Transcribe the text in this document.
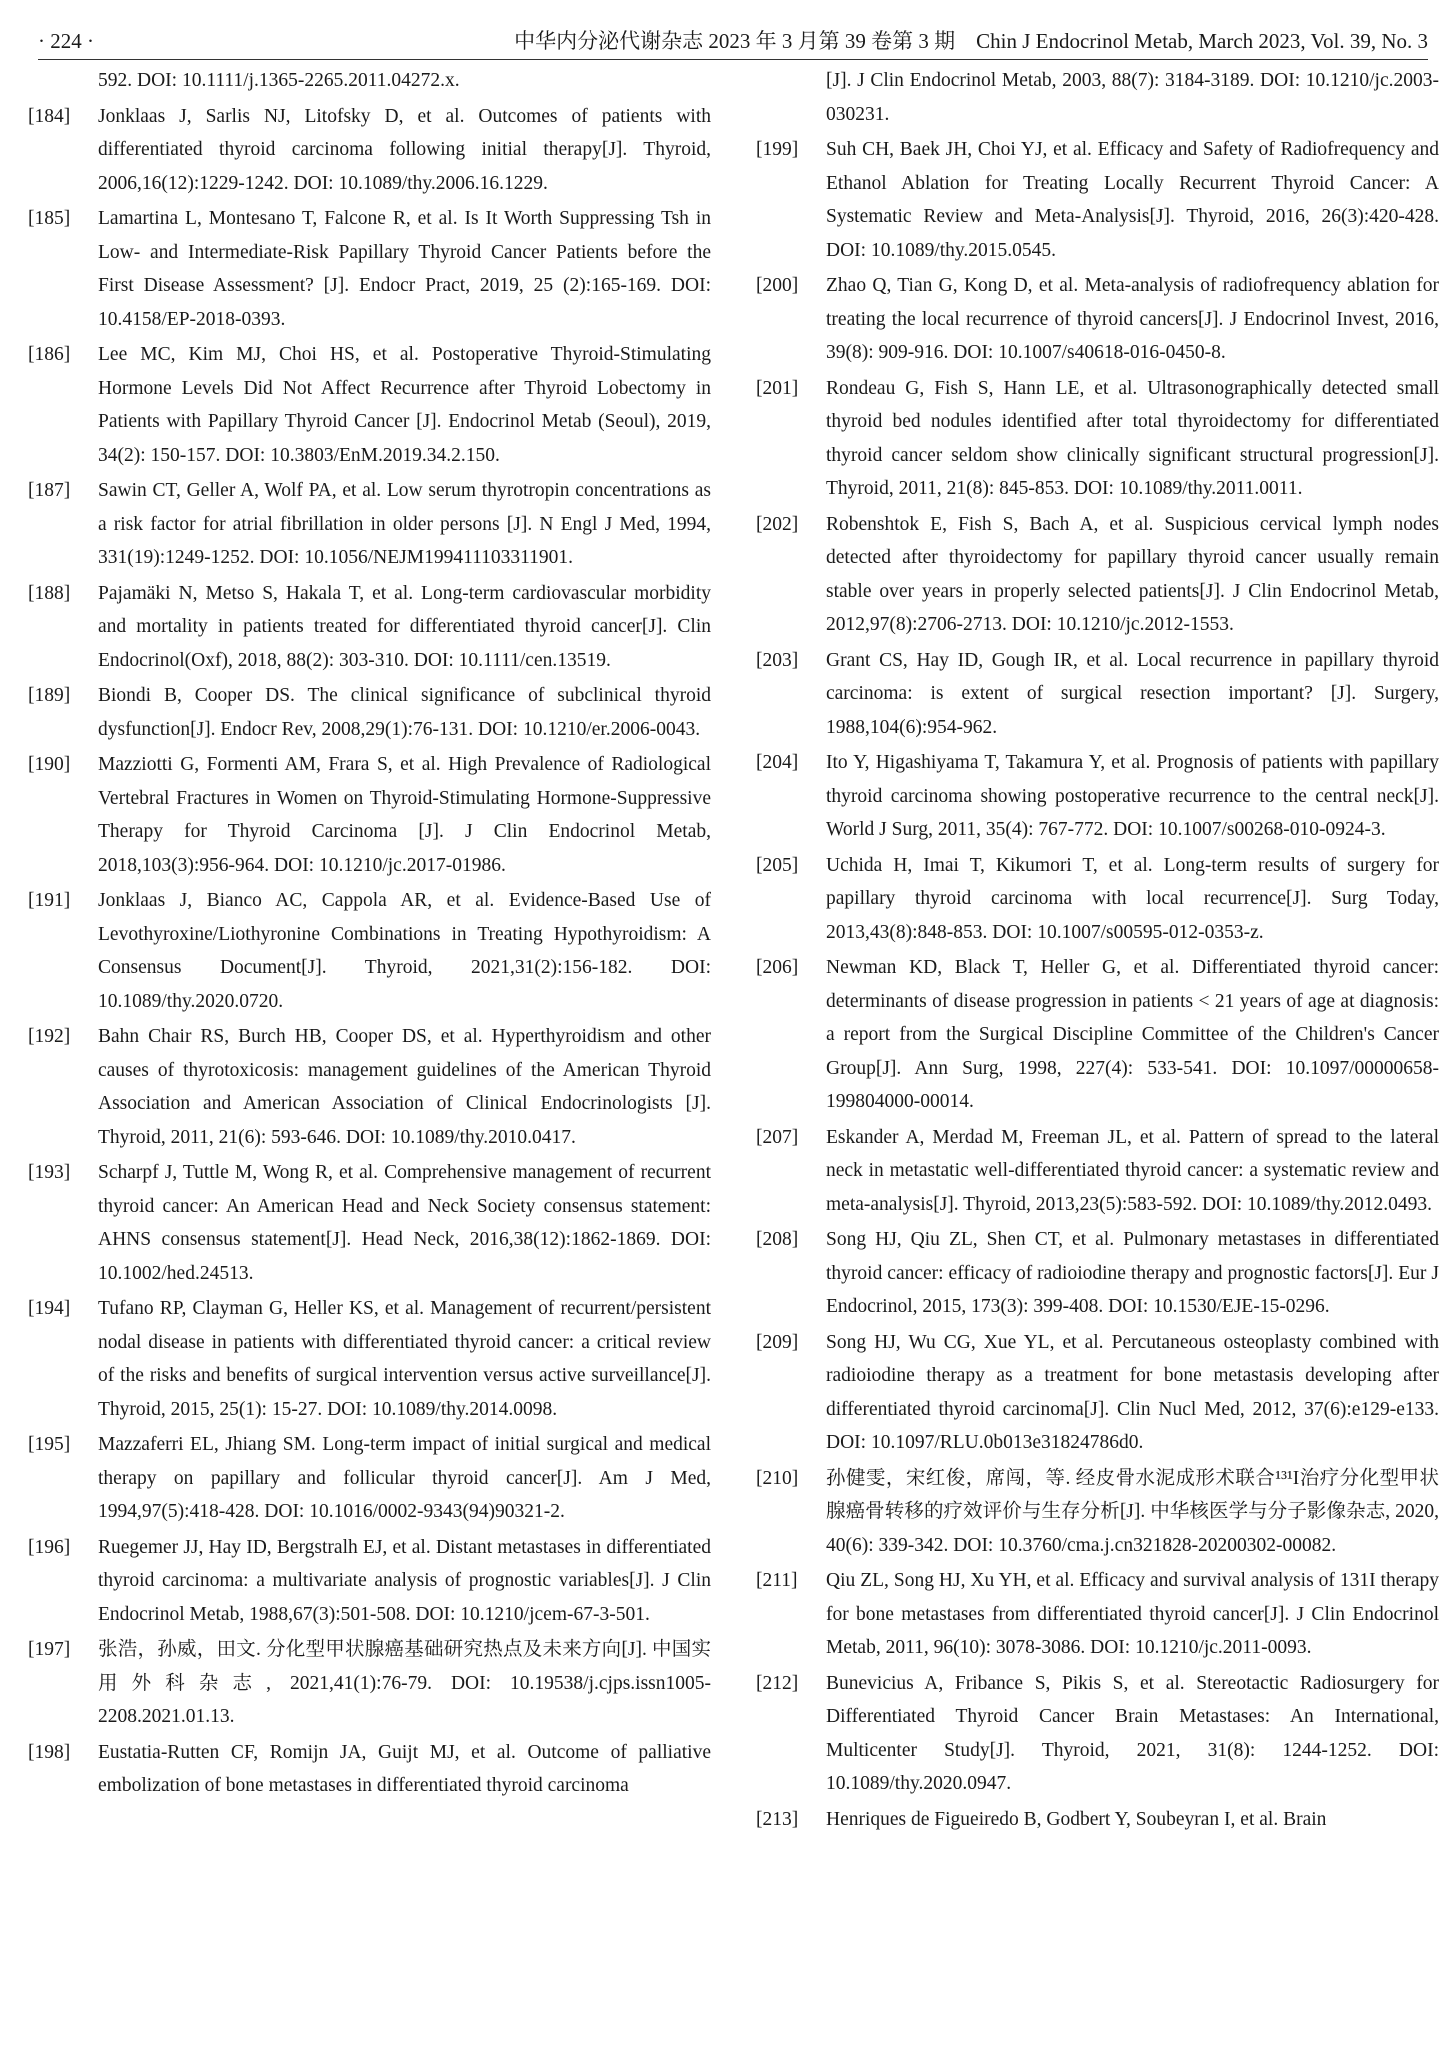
· 224 ·	中华内分泌代谢杂志 2023 年 3 月第 39 卷第 3 期　Chin J Endocrinol Metab, March 2023, Vol. 39, No. 3
592. DOI: 10.1111/j.1365-2265.2011.04272.x.
[184]	Jonklaas J, Sarlis NJ, Litofsky D, et al. Outcomes of patients with differentiated thyroid carcinoma following initial therapy[J]. Thyroid, 2006,16(12):1229-1242. DOI: 10.1089/thy.2006.16.1229.
[185]	Lamartina L, Montesano T, Falcone R, et al. Is It Worth Suppressing Tsh in Low- and Intermediate-Risk Papillary Thyroid Cancer Patients before the First Disease Assessment? [J]. Endocr Pract, 2019, 25 (2):165-169. DOI: 10.4158/EP-2018-0393.
[186]	Lee MC, Kim MJ, Choi HS, et al. Postoperative Thyroid-Stimulating Hormone Levels Did Not Affect Recurrence after Thyroid Lobectomy in Patients with Papillary Thyroid Cancer [J]. Endocrinol Metab (Seoul), 2019, 34(2): 150-157. DOI: 10.3803/EnM.2019.34.2.150.
[187]	Sawin CT, Geller A, Wolf PA, et al. Low serum thyrotropin concentrations as a risk factor for atrial fibrillation in older persons [J]. N Engl J Med, 1994, 331(19):1249-1252. DOI: 10.1056/NEJM199411103311901.
[188]	Pajamäki N, Metso S, Hakala T, et al. Long-term cardiovascular morbidity and mortality in patients treated for differentiated thyroid cancer[J]. Clin Endocrinol(Oxf), 2018, 88(2): 303-310. DOI: 10.1111/cen.13519.
[189]	Biondi B, Cooper DS. The clinical significance of subclinical thyroid dysfunction[J]. Endocr Rev, 2008,29(1):76-131. DOI: 10.1210/er.2006-0043.
[190]	Mazziotti G, Formenti AM, Frara S, et al. High Prevalence of Radiological Vertebral Fractures in Women on Thyroid-Stimulating Hormone-Suppressive Therapy for Thyroid Carcinoma [J]. J Clin Endocrinol Metab, 2018,103(3):956-964. DOI: 10.1210/jc.2017-01986.
[191]	Jonklaas J, Bianco AC, Cappola AR, et al. Evidence-Based Use of Levothyroxine/Liothyronine Combinations in Treating Hypothyroidism: A Consensus Document[J]. Thyroid, 2021,31(2):156-182. DOI: 10.1089/thy.2020.0720.
[192]	Bahn Chair RS, Burch HB, Cooper DS, et al. Hyperthyroidism and other causes of thyrotoxicosis: management guidelines of the American Thyroid Association and American Association of Clinical Endocrinologists [J]. Thyroid, 2011, 21(6): 593-646. DOI: 10.1089/thy.2010.0417.
[193]	Scharpf J, Tuttle M, Wong R, et al. Comprehensive management of recurrent thyroid cancer: An American Head and Neck Society consensus statement: AHNS consensus statement[J]. Head Neck, 2016,38(12):1862-1869. DOI: 10.1002/hed.24513.
[194]	Tufano RP, Clayman G, Heller KS, et al. Management of recurrent/persistent nodal disease in patients with differentiated thyroid cancer: a critical review of the risks and benefits of surgical intervention versus active surveillance[J]. Thyroid, 2015, 25(1): 15-27. DOI: 10.1089/thy.2014.0098.
[195]	Mazzaferri EL, Jhiang SM. Long-term impact of initial surgical and medical therapy on papillary and follicular thyroid cancer[J]. Am J Med, 1994,97(5):418-428. DOI: 10.1016/0002-9343(94)90321-2.
[196]	Ruegemer JJ, Hay ID, Bergstralh EJ, et al. Distant metastases in differentiated thyroid carcinoma: a multivariate analysis of prognostic variables[J]. J Clin Endocrinol Metab, 1988,67(3):501-508. DOI: 10.1210/jcem-67-3-501.
[197]	张浩，孙威，田文. 分化型甲状腺癌基础研究热点及未来方向[J]. 中国实用外科杂志, 2021,41(1):76-79. DOI: 10.19538/j.cjps.issn1005-2208.2021.01.13.
[198]	Eustatia-Rutten CF, Romijn JA, Guijt MJ, et al. Outcome of palliative embolization of bone metastases in differentiated thyroid carcinoma
[J]. J Clin Endocrinol Metab, 2003, 88(7): 3184-3189. DOI: 10.1210/jc.2003-030231.
[199]	Suh CH, Baek JH, Choi YJ, et al. Efficacy and Safety of Radiofrequency and Ethanol Ablation for Treating Locally Recurrent Thyroid Cancer: A Systematic Review and Meta-Analysis[J]. Thyroid, 2016, 26(3):420-428. DOI: 10.1089/thy.2015.0545.
[200]	Zhao Q, Tian G, Kong D, et al. Meta-analysis of radiofrequency ablation for treating the local recurrence of thyroid cancers[J]. J Endocrinol Invest, 2016, 39(8): 909-916. DOI: 10.1007/s40618-016-0450-8.
[201]	Rondeau G, Fish S, Hann LE, et al. Ultrasonographically detected small thyroid bed nodules identified after total thyroidectomy for differentiated thyroid cancer seldom show clinically significant structural progression[J]. Thyroid, 2011, 21(8): 845-853. DOI: 10.1089/thy.2011.0011.
[202]	Robenshtok E, Fish S, Bach A, et al. Suspicious cervical lymph nodes detected after thyroidectomy for papillary thyroid cancer usually remain stable over years in properly selected patients[J]. J Clin Endocrinol Metab, 2012,97(8):2706-2713. DOI: 10.1210/jc.2012-1553.
[203]	Grant CS, Hay ID, Gough IR, et al. Local recurrence in papillary thyroid carcinoma: is extent of surgical resection important? [J]. Surgery, 1988,104(6):954-962.
[204]	Ito Y, Higashiyama T, Takamura Y, et al. Prognosis of patients with papillary thyroid carcinoma showing postoperative recurrence to the central neck[J]. World J Surg, 2011, 35(4): 767-772. DOI: 10.1007/s00268-010-0924-3.
[205]	Uchida H, Imai T, Kikumori T, et al. Long-term results of surgery for papillary thyroid carcinoma with local recurrence[J]. Surg Today, 2013,43(8):848-853. DOI: 10.1007/s00595-012-0353-z.
[206]	Newman KD, Black T, Heller G, et al. Differentiated thyroid cancer: determinants of disease progression in patients < 21 years of age at diagnosis: a report from the Surgical Discipline Committee of the Children's Cancer Group[J]. Ann Surg, 1998, 227(4): 533-541. DOI: 10.1097/00000658-199804000-00014.
[207]	Eskander A, Merdad M, Freeman JL, et al. Pattern of spread to the lateral neck in metastatic well-differentiated thyroid cancer: a systematic review and meta-analysis[J]. Thyroid, 2013,23(5):583-592. DOI: 10.1089/thy.2012.0493.
[208]	Song HJ, Qiu ZL, Shen CT, et al. Pulmonary metastases in differentiated thyroid cancer: efficacy of radioiodine therapy and prognostic factors[J]. Eur J Endocrinol, 2015, 173(3): 399-408. DOI: 10.1530/EJE-15-0296.
[209]	Song HJ, Wu CG, Xue YL, et al. Percutaneous osteoplasty combined with radioiodine therapy as a treatment for bone metastasis developing after differentiated thyroid carcinoma[J]. Clin Nucl Med, 2012, 37(6):e129-e133. DOI: 10.1097/RLU.0b013e31824786d0.
[210]	孙健雯，宋红俊，席闯，等. 经皮骨水泥成形术联合¹³¹I治疗分化型甲状腺癌骨转移的疗效评价与生存分析[J]. 中华核医学与分子影像杂志, 2020, 40(6): 339-342. DOI: 10.3760/cma.j.cn321828-20200302-00082.
[211]	Qiu ZL, Song HJ, Xu YH, et al. Efficacy and survival analysis of 131I therapy for bone metastases from differentiated thyroid cancer[J]. J Clin Endocrinol Metab, 2011, 96(10): 3078-3086. DOI: 10.1210/jc.2011-0093.
[212]	Bunevicius A, Fribance S, Pikis S, et al. Stereotactic Radiosurgery for Differentiated Thyroid Cancer Brain Metastases: An International, Multicenter Study[J]. Thyroid, 2021, 31(8): 1244-1252. DOI: 10.1089/thy.2020.0947.
[213]	Henriques de Figueiredo B, Godbert Y, Soubeyran I, et al. Brain
